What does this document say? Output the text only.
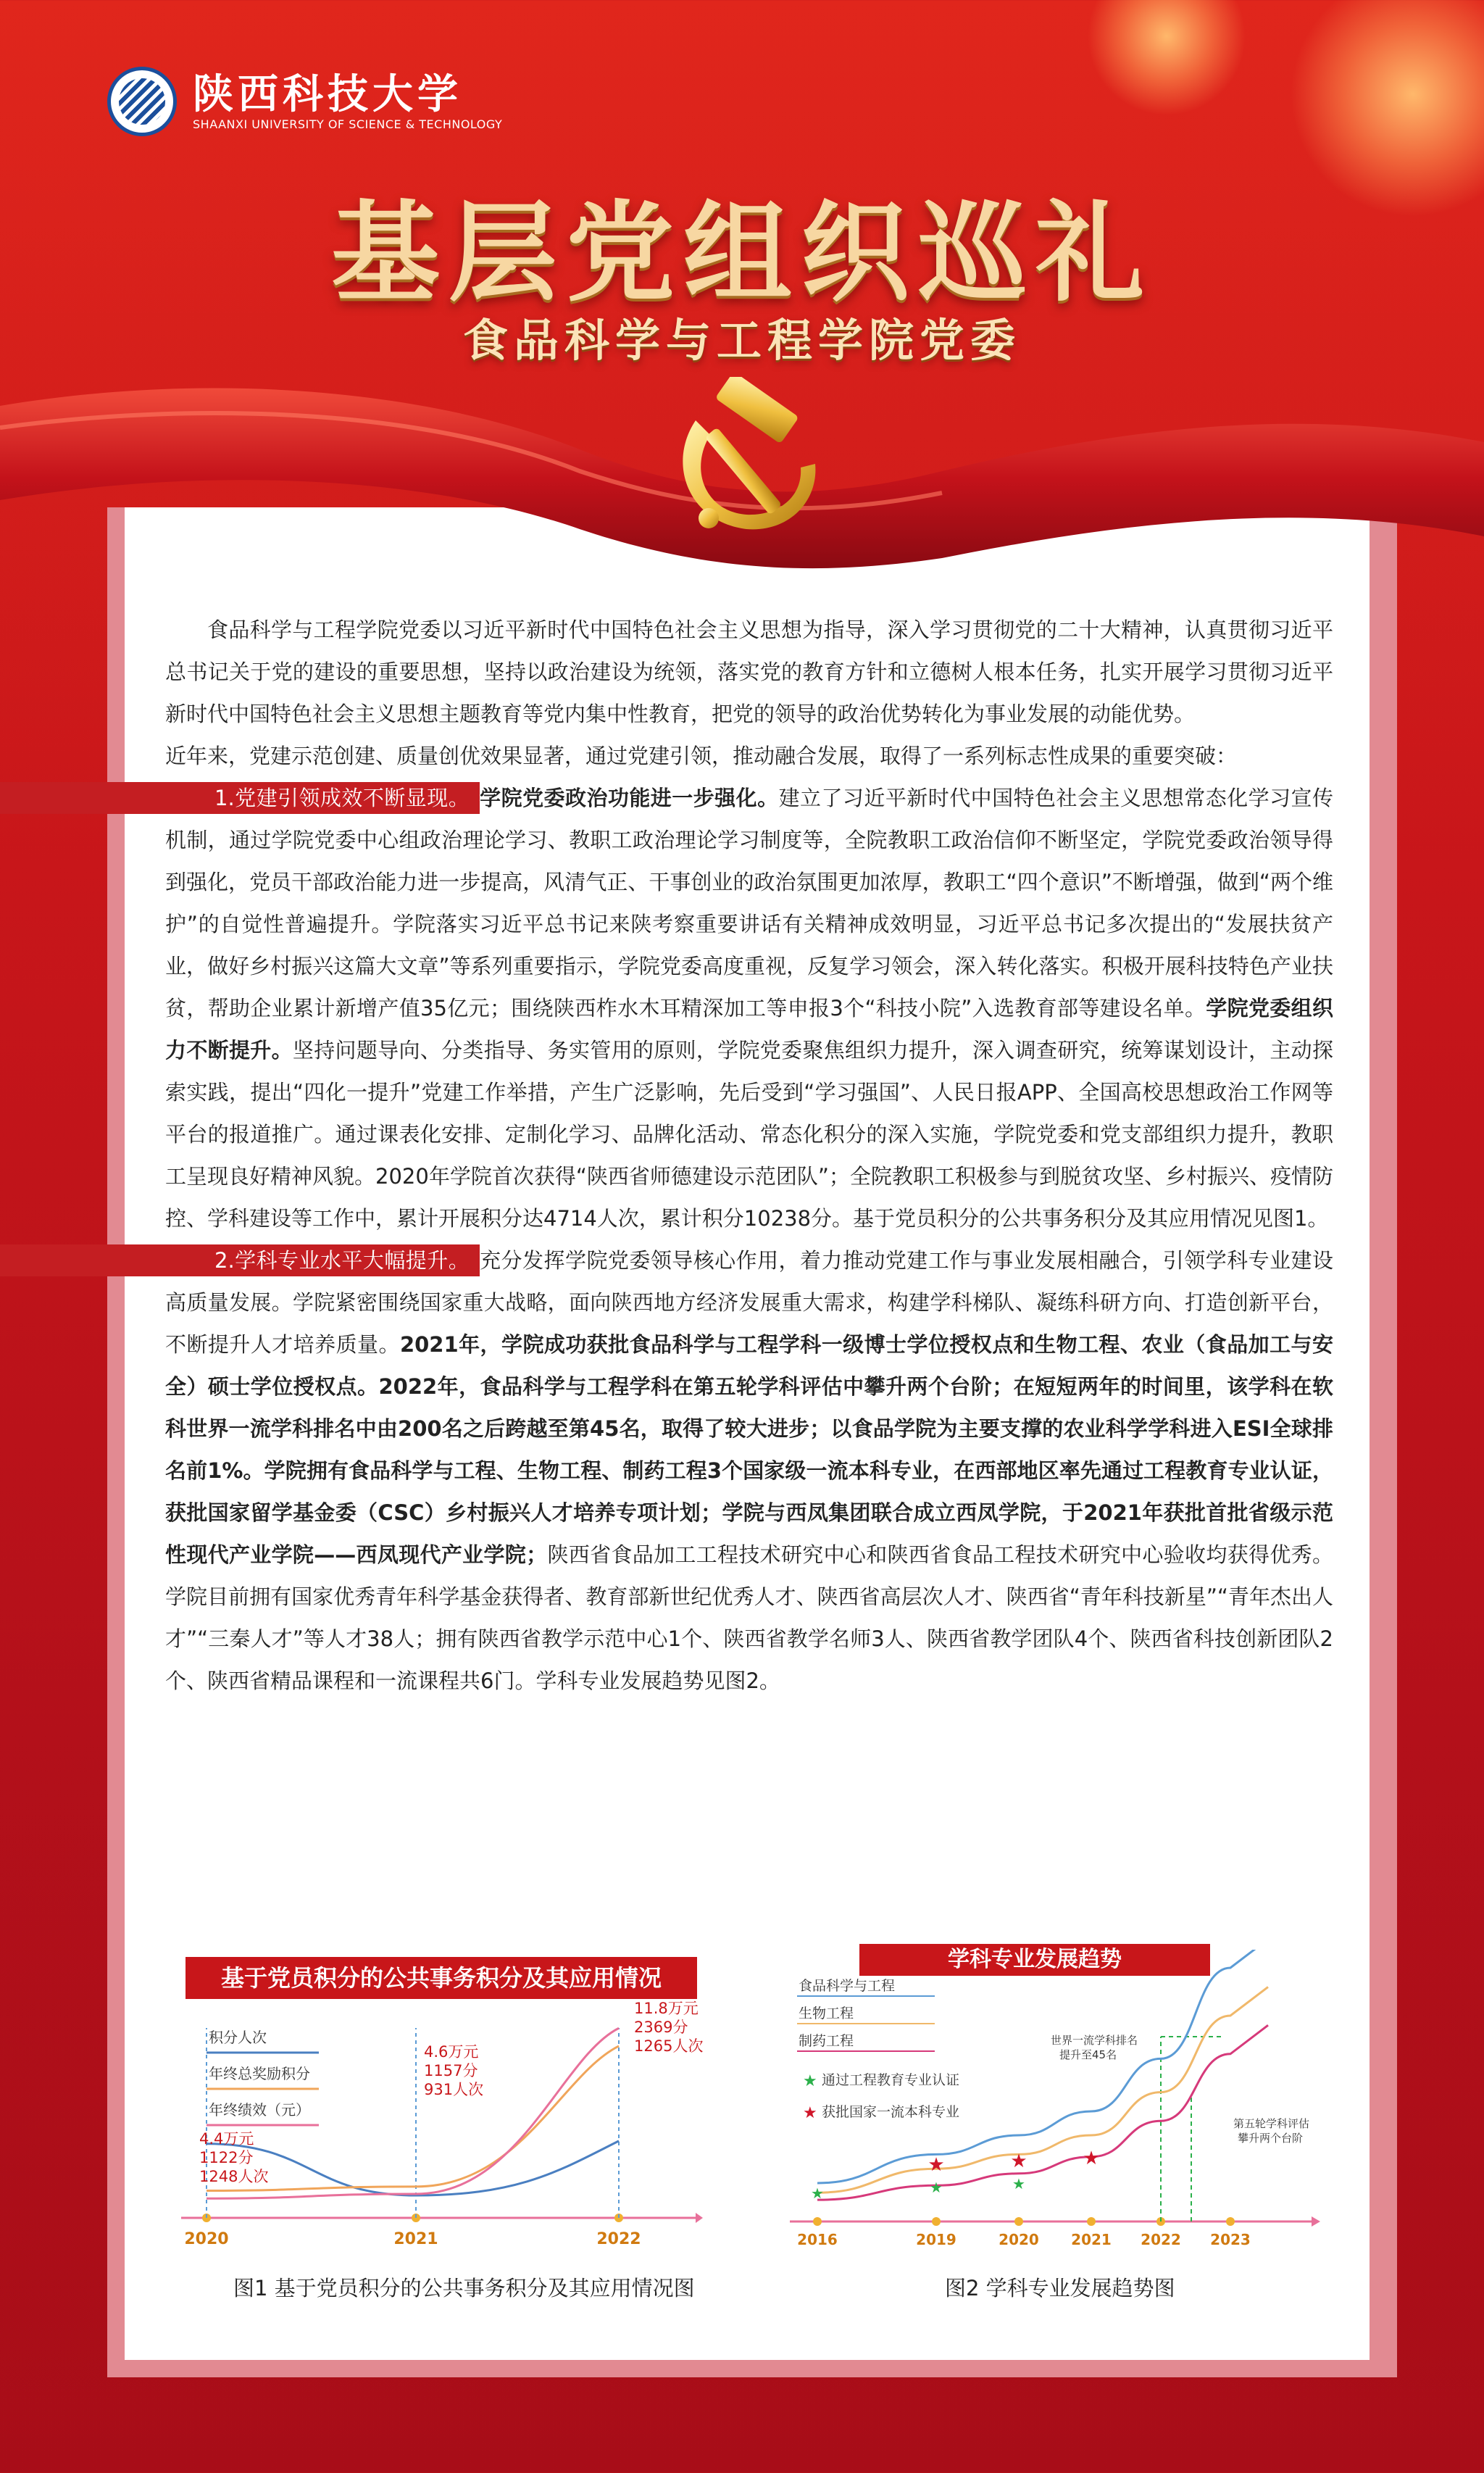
陕西科技大学
SHAANXI UNIVERSITY OF SCIENCE & TECHNOLOGY
基层党组织巡礼
食品科学与工程学院党委

食品科学与工程学院党委以习近平新时代中国特色社会主义思想为指导，深入学习贯彻党的二十大精神，认真贯彻习近平总书记关于党的建设的重要思想，坚持以政治建设为统领，落实党的教育方针和立德树人根本任务，扎实开展学习贯彻习近平新时代中国特色社会主义思想主题教育等党内集中性教育，把党的领导的政治优势转化为事业发展的动能优势。

近年来，党建示范创建、质量创优效果显著，通过党建引领，推动融合发展，取得了一系列标志性成果的重要突破：

1.党建引领成效不断显现。 学院党委政治功能进一步强化。建立了习近平新时代中国特色社会主义思想常态化学习宣传机制，通过学院党委中心组政治理论学习、教职工政治理论学习制度等，全院教职工政治信仰不断坚定，学院党委政治领导得到强化，党员干部政治能力进一步提高，风清气正、干事创业的政治氛围更加浓厚，教职工“四个意识”不断增强，做到“两个维护”的自觉性普遍提升。学院落实习近平总书记来陕考察重要讲话有关精神成效明显，习近平总书记多次提出的“发展扶贫产业，做好乡村振兴这篇大文章”等系列重要指示，学院党委高度重视，反复学习领会，深入转化落实。积极开展科技特色产业扶贫，帮助企业累计新增产值35亿元；围绕陕西柞水木耳精深加工等申报3个“科技小院”入选教育部等建设名单。学院党委组织力不断提升。坚持问题导向、分类指导、务实管用的原则，学院党委聚焦组织力提升，深入调查研究，统筹谋划设计，主动探索实践，提出“四化一提升”党建工作举措，产生广泛影响，先后受到“学习强国”、人民日报APP、全国高校思想政治工作网等平台的报道推广。通过课表化安排、定制化学习、品牌化活动、常态化积分的深入实施，学院党委和党支部组织力提升，教职工呈现良好精神风貌。2020年学院首次获得“陕西省师德建设示范团队”；全院教职工积极参与到脱贫攻坚、乡村振兴、疫情防控、学科建设等工作中，累计开展积分达4714人次，累计积分10238分。基于党员积分的公共事务积分及其应用情况见图1。

2.学科专业水平大幅提升。 充分发挥学院党委领导核心作用，着力推动党建工作与事业发展相融合，引领学科专业建设高质量发展。学院紧密围绕国家重大战略，面向陕西地方经济发展重大需求，构建学科梯队、凝练科研方向、打造创新平台，不断提升人才培养质量。2021年，学院成功获批食品科学与工程学科一级博士学位授权点和生物工程、农业（食品加工与安全）硕士学位授权点。2022年，食品科学与工程学科在第五轮学科评估中攀升两个台阶；在短短两年的时间里，该学科在软科世界一流学科排名中由200名之后跨越至第45名，取得了较大进步；以食品学院为主要支撑的农业科学学科进入ESI全球排名前1%。学院拥有食品科学与工程、生物工程、制药工程3个国家级一流本科专业，在西部地区率先通过工程教育专业认证，获批国家留学基金委（CSC）乡村振兴人才培养专项计划；学院与西凤集团联合成立西凤学院，于2021年获批首批省级示范性现代产业学院——西凤现代产业学院；陕西省食品加工工程技术研究中心和陕西省食品工程技术研究中心验收均获得优秀。学院目前拥有国家优秀青年科学基金获得者、教育部新世纪优秀人才、陕西省高层次人才、陕西省“青年科技新星”“青年杰出人才”“三秦人才”等人才38人；拥有陕西省教学示范中心1个、陕西省教学名师3人、陕西省教学团队4个、陕西省科技创新团队2个、陕西省精品课程和一流课程共6门。学科专业发展趋势见图2。

基于党员积分的公共事务积分及其应用情况
2020	2021	2022
积分人次
年终总奖励积分
年终绩效（元）
4.4万元
1122分
1248人次
4.6万元
1157分
931人次
11.8万元
2369分
1265人次
图1 基于党员积分的公共事务积分及其应用情况图
学科专业发展趋势
2016	2019	2020 2021 2022 2023
食品科学与工程
生物工程
制药工程
★ 通过工程教育专业认证
★ 获批国家一流本科专业
★	★	★
★	★	★
世界一流学科排名
提升至45名
第五轮学科评估
攀升两个台阶
图2 学科专业发展趋势图
